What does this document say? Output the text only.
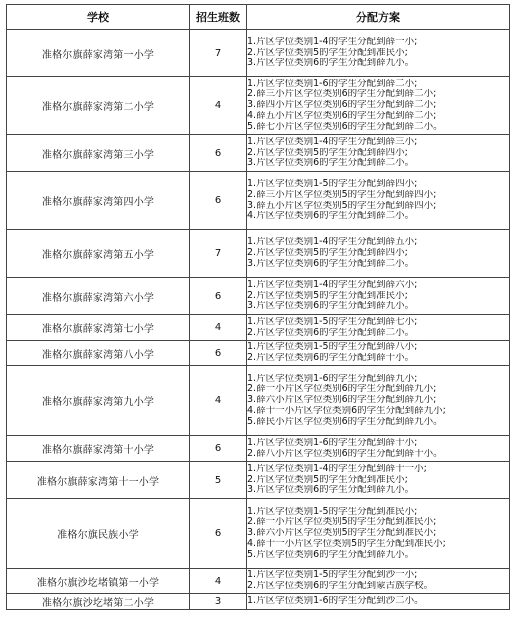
学校	招生班数	分配方案
准格尔旗薛家湾第一小学	7	1.片区学位类别1-4的学生分配到薛一小;
2.片区学位类别5的学生分配到准民小;
3.片区学位类别6的学生分配到薛九小。

准格尔旗薛家湾第二小学	4	1.片区学位类别1-6的学生分配到薛二小;
2.薛三小片区学位类别6的学生分配到薛二小;
3.薛四小片区学位类别6的学生分配到薛二小;
4.薛五小片区学位类别6的学生分配到薛二小;
5.薛七小片区学位类别6的学生分配到薛二小。

准格尔旗薛家湾第三小学	6	1.片区学位类别1-4的学生分配到薛三小;
2.片区学位类别5的学生分配到薛四小;
3.片区学位类别6的学生分配到薛二小。

准格尔旗薛家湾第四小学	6	1.片区学位类别1-5的学生分配到薛四小;
2.薛三小片区学位类别5的学生分配到薛四小;
3.薛五小片区学位类别5的学生分配到薛四小;
4.片区学位类别6的学生分配到薛二小。

准格尔旗薛家湾第五小学	7	1.片区学位类别1-4的学生分配到薛五小;
2.片区学位类别5的学生分配到薛四小;
3.片区学位类别6的学生分配到薛二小。

准格尔旗薛家湾第六小学	6	1.片区学位类别1-4的学生分配到薛六小;
2.片区学位类别5的学生分配到准民小;
3.片区学位类别6的学生分配到薛九小。

准格尔旗薛家湾第七小学	4	1.片区学位类别1-5的学生分配到薛七小;
2.片区学位类别6的学生分配到薛二小。

准格尔旗薛家湾第八小学	6	1.片区学位类别1-5的学生分配到薛八小;
2.片区学位类别6的学生分配到薛十小。

准格尔旗薛家湾第九小学	4	1.片区学位类别1-6的学生分配到薛九小;
2.薛一小片区学位类别6的学生分配到薛九小;
3.薛六小片区学位类别6的学生分配到薛九小;
4.薛十一小片区学位类别6的学生分配到薛九小;
5.薛民小片区学位类别6的学生分配到薛九小。

准格尔旗薛家湾第十小学	6	1.片区学位类别1-6的学生分配到薛十小;
2.薛八小片区学位类别6的学生分配到薛十小。

准格尔旗薛家湾第十一小学	5	1.片区学位类别1-4的学生分配到薛十一小;
2.片区学位类别5的学生分配到准民小;
3.片区学位类别6的学生分配到薛九小。

准格尔旗民族小学	6	1.片区学位类别1-5的学生分配到准民小;
2.薛一小片区学位类别5的学生分配到准民小;
3.薛六小片区学位类别5的学生分配到准民小;
4.薛十一小片区学位类别5的学生分配到准民小;
5.片区学位类别6的学生分配到薛九小。

准格尔旗沙圪堵镇第一小学	4	1.片区学位类别1-5的学生分配到沙一小;
2.片区学位类别6的学生分配到蒙古族学校。

准格尔旗沙圪堵第二小学	3	1.片区学位类别1-6的学生分配到沙二小。
